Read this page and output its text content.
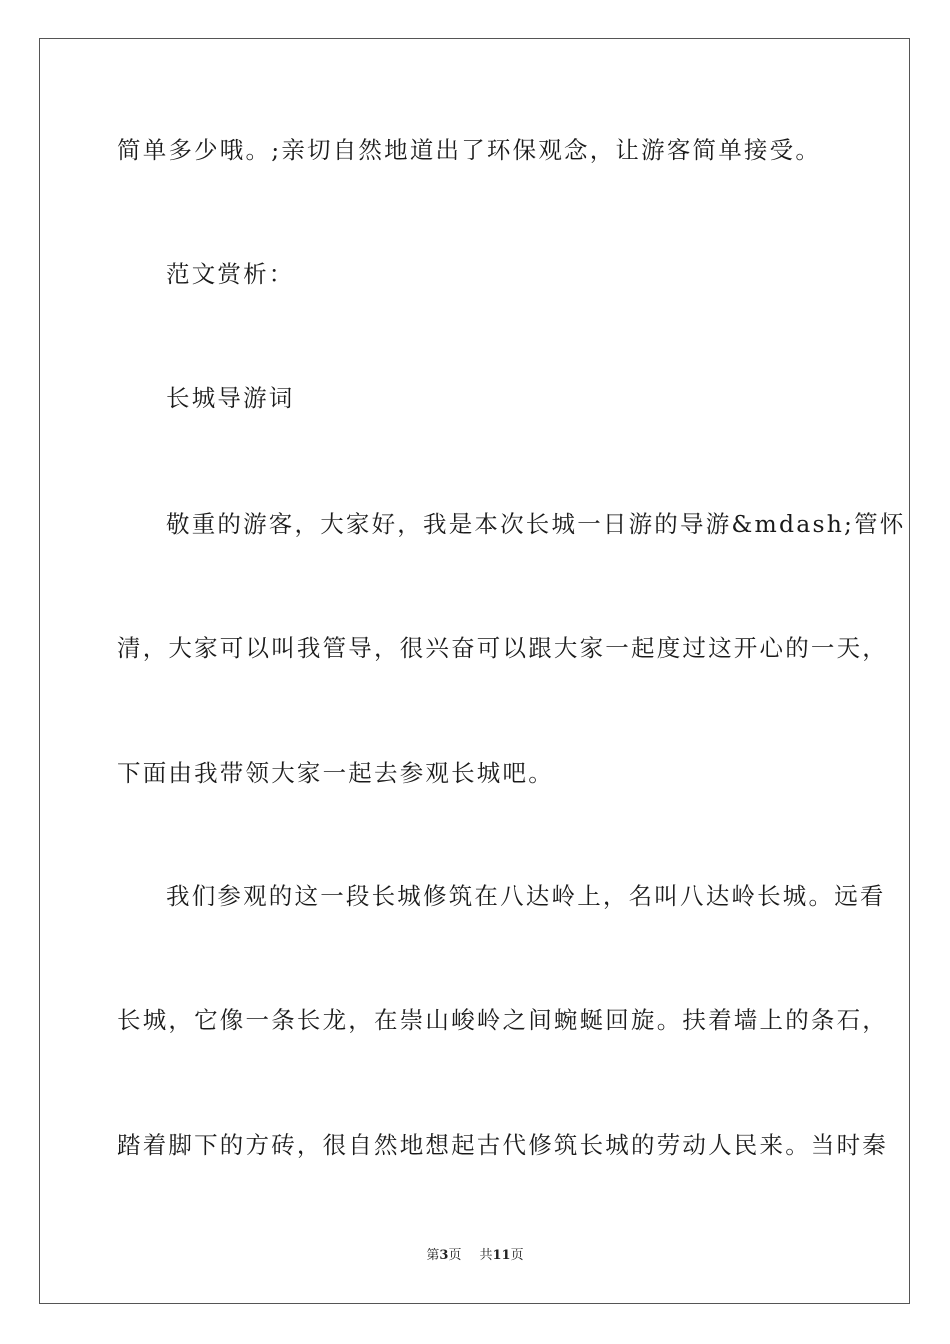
简单多少哦。;亲切自然地道出了环保观念，让游客简单接受。
范文赏析：
长城导游词
敬重的游客，大家好，我是本次长城一日游的导游&mdash;管怀
清，大家可以叫我管导，很兴奋可以跟大家一起度过这开心的一天，
下面由我带领大家一起去参观长城吧。
我们参观的这一段长城修筑在八达岭上，名叫八达岭长城。远看
长城，它像一条长龙，在崇山峻岭之间蜿蜒回旋。扶着墙上的条石，
踏着脚下的方砖，很自然地想起古代修筑长城的劳动人民来。当时秦
第3页 共11页
